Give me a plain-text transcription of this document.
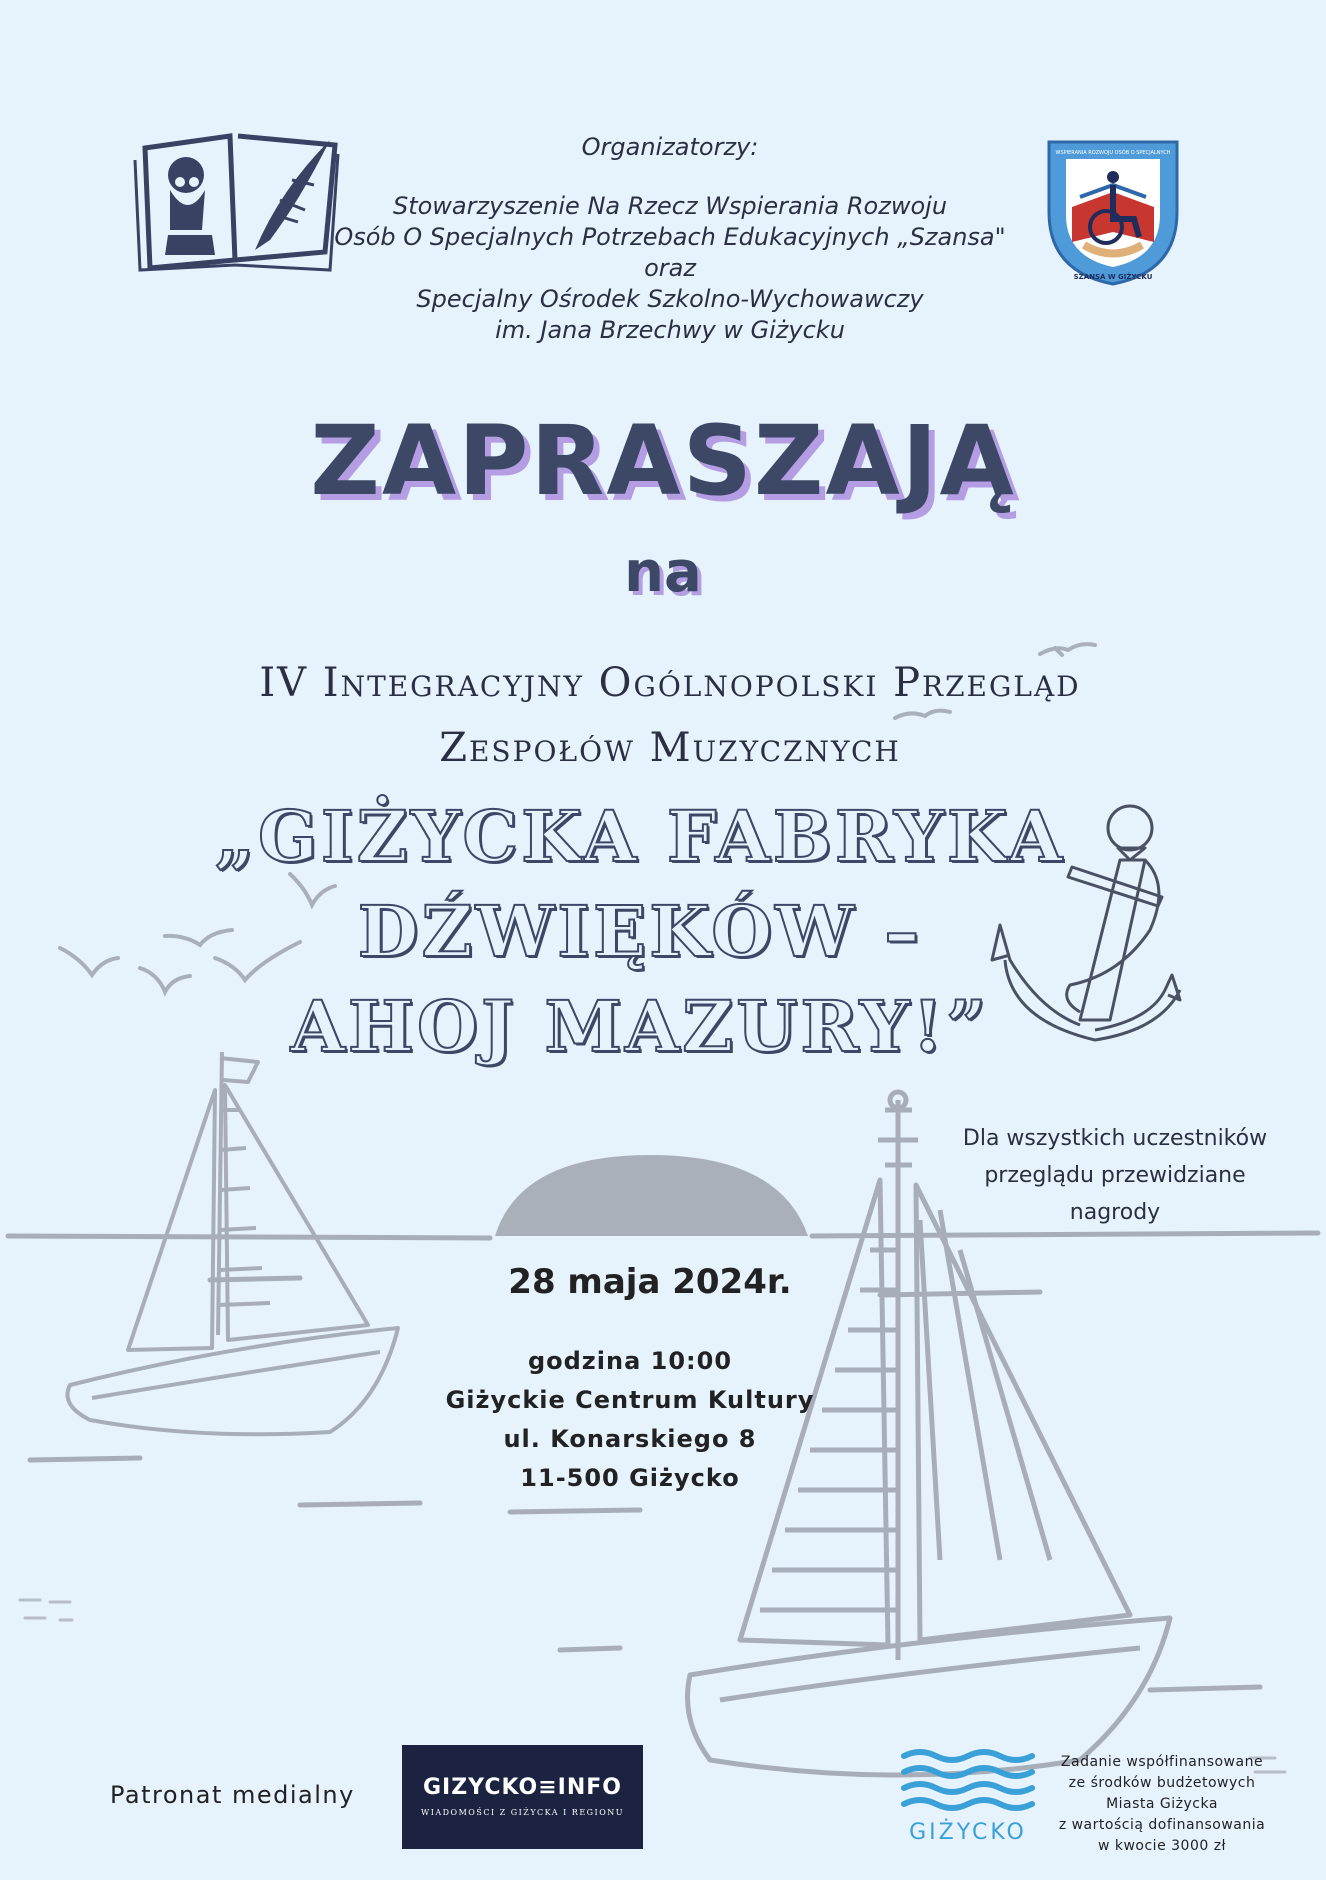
WSPIERANIA ROZWOJU OSÓB O SPECJALNYCH
SZANSA W GIŻYCKU
Organizatorzy:
Stowarzyszenie Na Rzecz Wspierania Rozwoju
Osób O Specjalnych Potrzebach Edukacyjnych „Szansa"
oraz
Specjalny Ośrodek Szkolno-Wychowawczy
im. Jana Brzechwy w Giżycku
ZAPRASZAJĄ
na
IV Integracyjny Ogólnopolski Przegląd
Zespołów Muzycznych
„GIŻYCKA FABRYKA
DŹWIĘKÓW –
AHOJ MAZURY!”
Dla wszystkich uczestników
przeglądu przewidziane
nagrody
28 maja 2024r.
godzina 10:00
Giżyckie Centrum Kultury
ul. Konarskiego 8
11-500 Giżycko
Patronat medialny	GIZYCKO≡INFO
WIADOMOŚCI Z GIŻYCKA I REGIONU
GIŻYCKO
Zadanie współfinansowane
ze środków budżetowych
Miasta Giżycka
z wartością dofinansowania
w kwocie 3000 zł
